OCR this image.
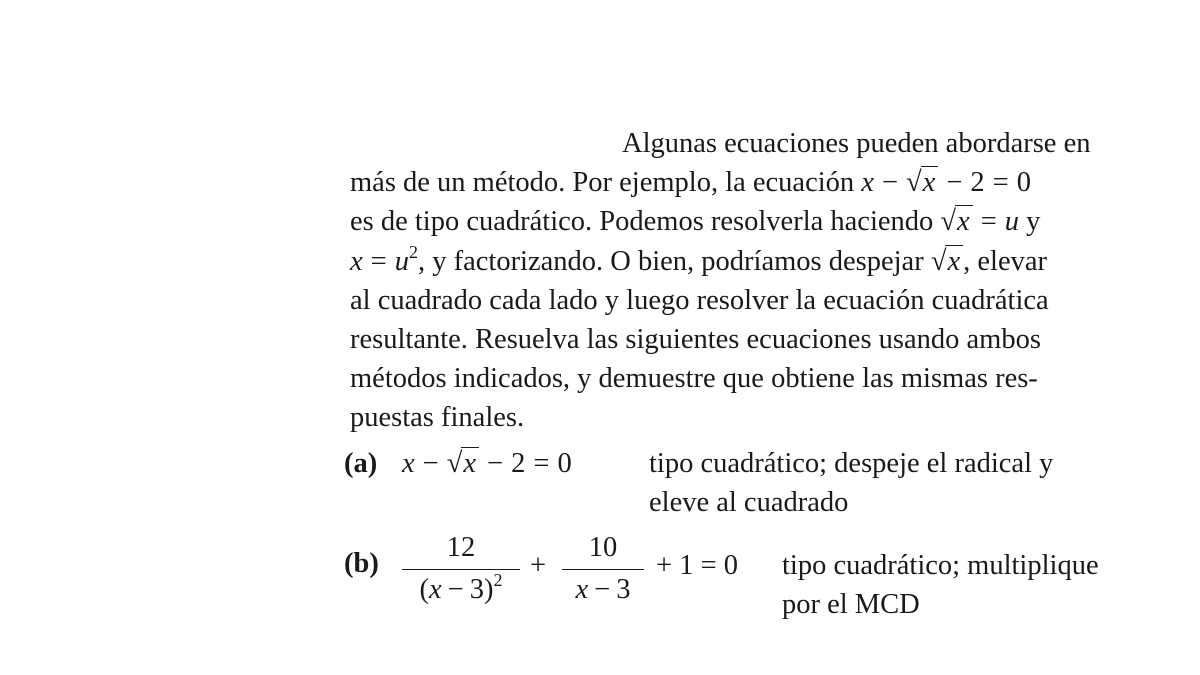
Algunas ecuaciones pueden abordarse en
más de un método. Por ejemplo, la ecuación x − √x − 2 = 0
es de tipo cuadrático. Podemos resolverla haciendo √x = u y
$x = u^2$, y factorizando. O bien, podríamos despejar √x , elevar
al cuadrado cada lado y luego resolver la ecuación cuadrática
resultante. Resuelva las siguientes ecuaciones usando ambos
métodos indicados, y demuestre que obtiene las mismas res-
puestas finales.
(a) x − √x − 2 = 0	tipo cuadrático; despeje el radical y
eleve al cuadrado
(b)
12
$(x - 3)^2$ +
10
x − 3
+ 1 = 0 tipo cuadrático; multiplique
por el MCD
